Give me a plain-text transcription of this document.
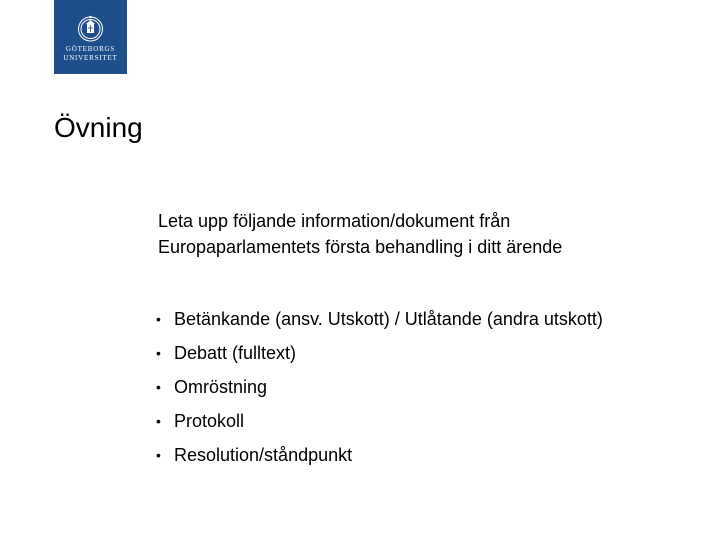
GÖTEBORGS
UNIVERSITET
Övning

Leta upp följande information/dokument från
Europaparlamentets första behandling i ditt ärende

• Betänkande (ansv. Utskott) / Utlåtande (andra utskott)
• Debatt (fulltext)
• Omröstning
• Protokoll
• Resolution/ståndpunkt
